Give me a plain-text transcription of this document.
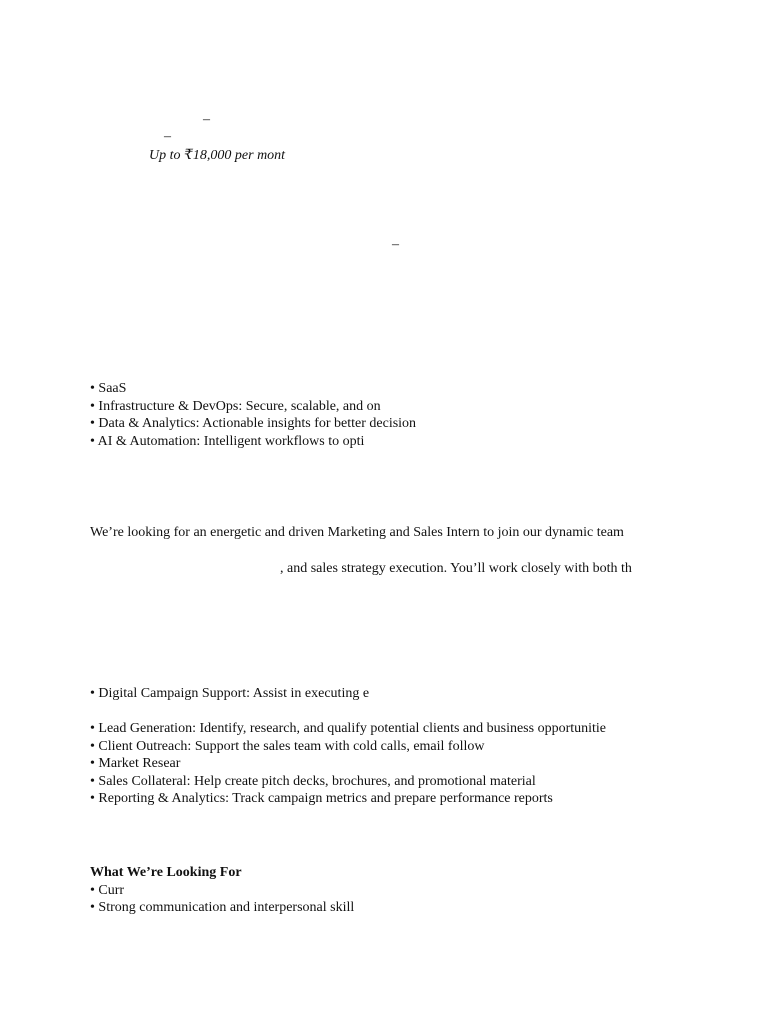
–

–

Up to ₹18,000 per mont

–

• SaaS
• Infrastructure & DevOps: Secure, scalable, and on
• Data & Analytics: Actionable insights for better decision
• AI & Automation: Intelligent workflows to opti

We’re looking for an energetic and driven Marketing and Sales Intern to join our dynamic team

, and sales strategy execution. You’ll work closely with both th

• Digital Campaign Support: Assist in executing e

• Lead Generation: Identify, research, and qualify potential clients and business opportunitie
• Client Outreach: Support the sales team with cold calls, email follow
• Market Resear
• Sales Collateral: Help create pitch decks, brochures, and promotional material
• Reporting & Analytics: Track campaign metrics and prepare performance reports
What We’re Looking For
• Curr
• Strong communication and interpersonal skill
